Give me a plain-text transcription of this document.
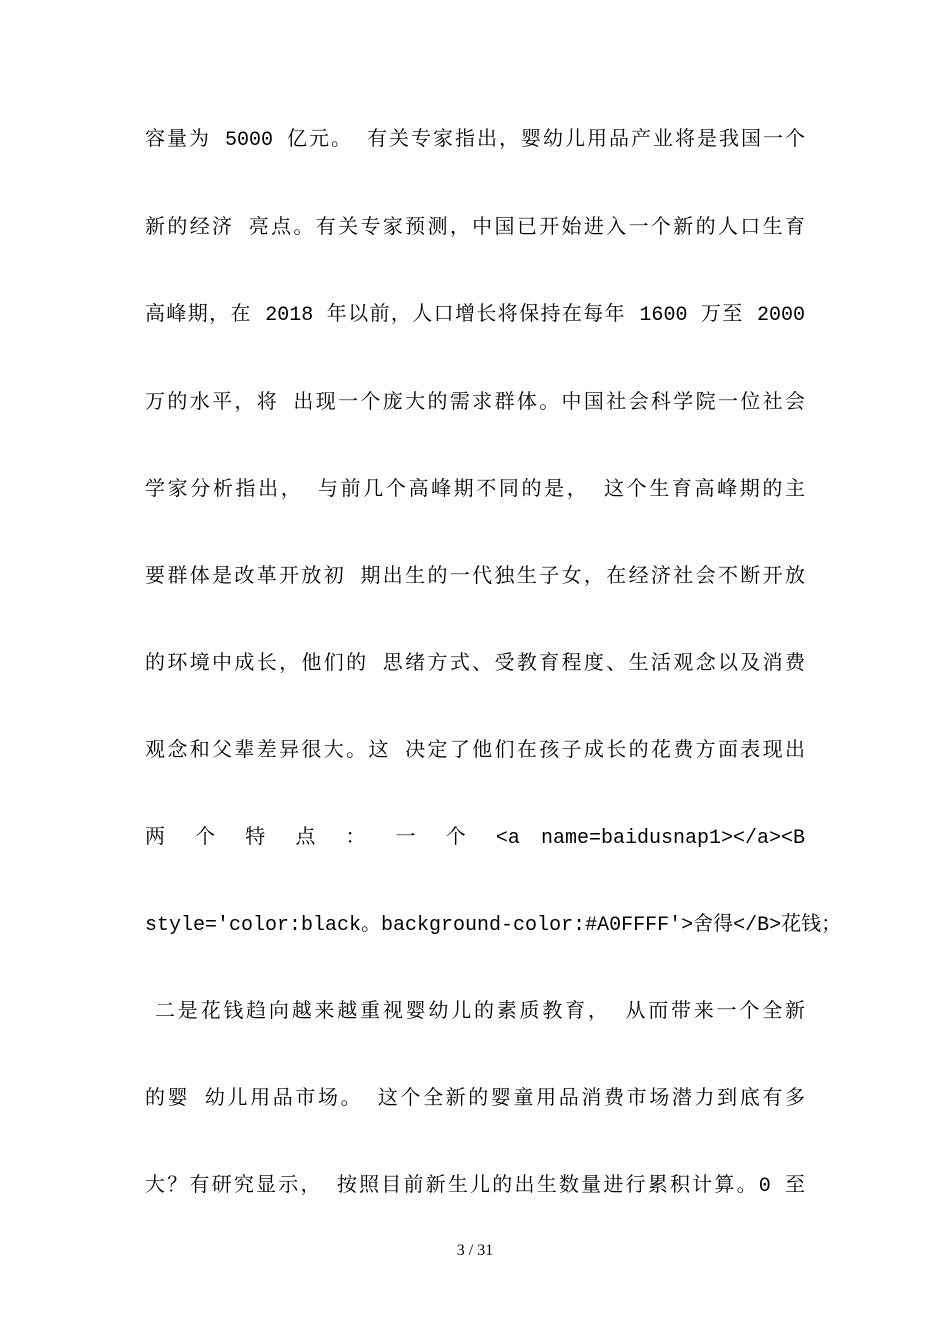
容量为 5000 亿元。 有关专家指出，婴幼儿用品产业将是我国一个
新的经济 亮点。有关专家预测，中国已开始进入一个新的人口生育
高峰期，在 2018 年以前，人口增长将保持在每年 1600 万至 2000
万的水平，将 出现一个庞大的需求群体。中国社会科学院一位社会
学家分析指出， 与前几个高峰期不同的是， 这个生育高峰期的主
要群体是改革开放初 期出生的一代独生子女，在经济社会不断开放
的环境中成长，他们的 思绪方式、受教育程度、生活观念以及消费
观念和父辈差异很大。这 决定了他们在孩子成长的花费方面表现出
两 个 特 点 ： 一 个 <a name=baidusnap1></a><B
style='color:black。background-color:#A0FFFF'>舍得</B>花钱；
二是花钱趋向越来越重视婴幼儿的素质教育， 从而带来一个全新
的婴 幼儿用品市场。 这个全新的婴童用品消费市场潜力到底有多
大？有研究显示， 按照目前新生儿的出生数量进行累积计算。0 至
3 / 31
